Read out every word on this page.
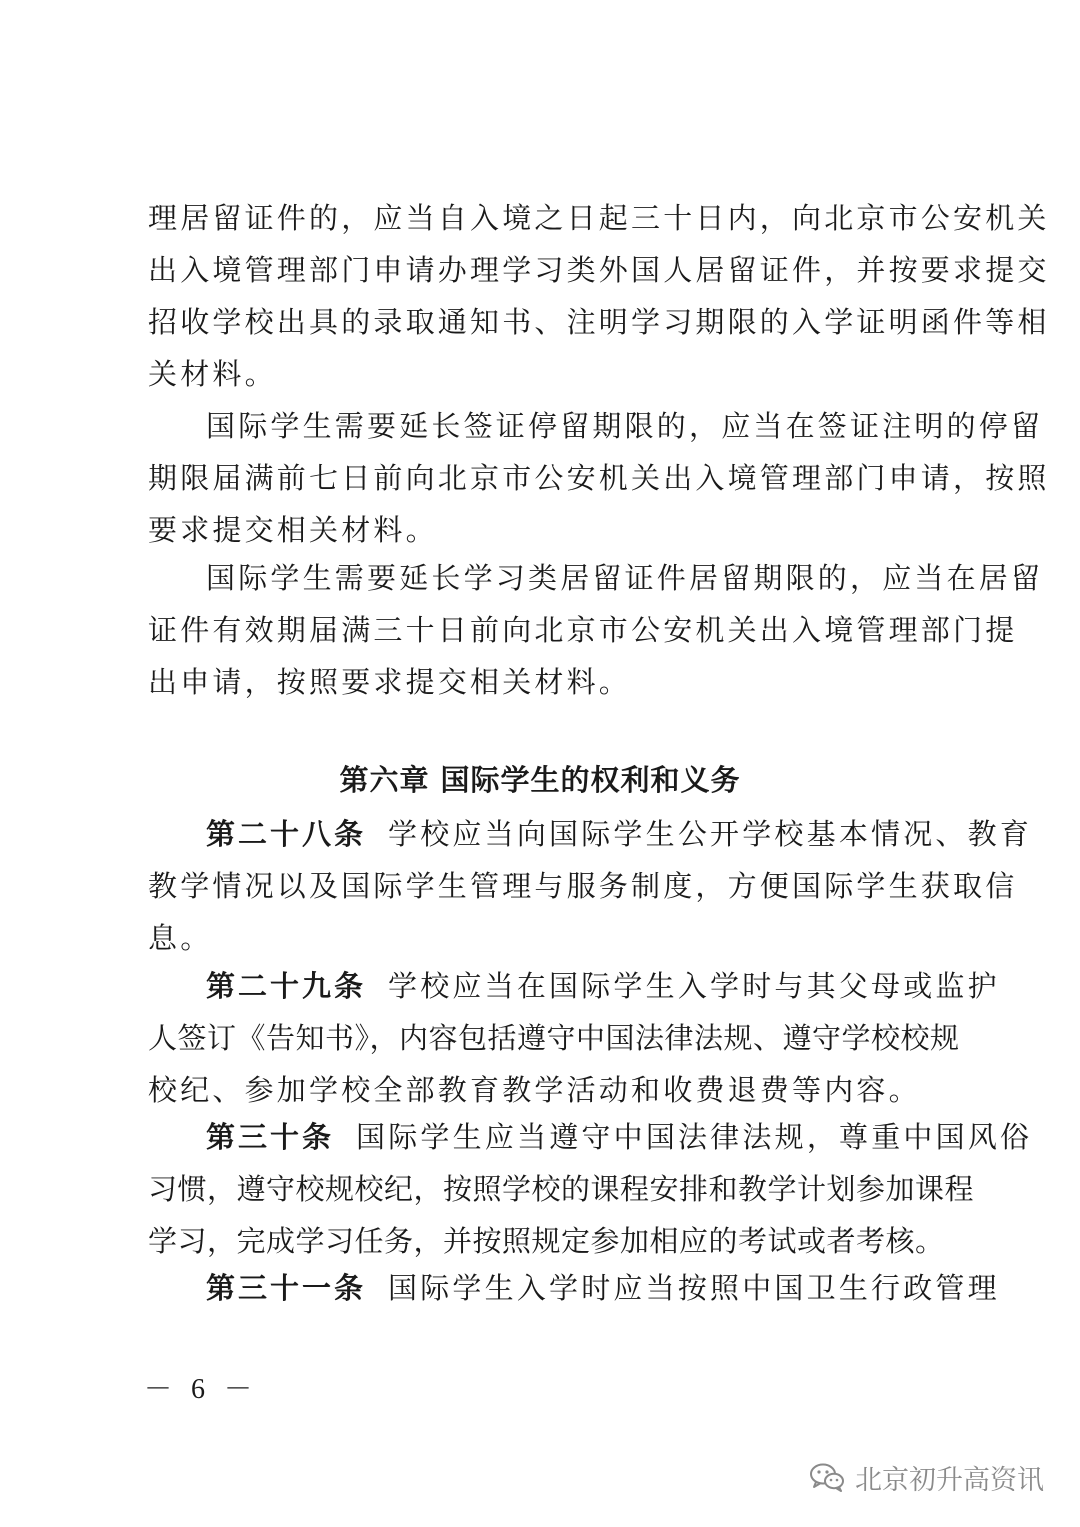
理居留证件的，应当自入境之日起三十日内，向北京市公安机关
出入境管理部门申请办理学习类外国人居留证件，并按要求提交
招收学校出具的录取通知书、注明学习期限的入学证明函件等相
关材料。
国际学生需要延长签证停留期限的，应当在签证注明的停留
期限届满前七日前向北京市公安机关出入境管理部门申请，按照
要求提交相关材料。
国际学生需要延长学习类居留证件居留期限的，应当在居留
证件有效期届满三十日前向北京市公安机关出入境管理部门提
出申请，按照要求提交相关材料。
第六章 国际学生的权利和义务
第二十八条 学校应当向国际学生公开学校基本情况、教育
教学情况以及国际学生管理与服务制度，方便国际学生获取信
息。
第二十九条 学校应当在国际学生入学时与其父母或监护
人签订《告知书》，内容包括遵守中国法律法规、遵守学校校规
校纪、参加学校全部教育教学活动和收费退费等内容。
第三十条 国际学生应当遵守中国法律法规，尊重中国风俗
习惯，遵守校规校纪，按照学校的课程安排和教学计划参加课程
学习，完成学习任务，并按照规定参加相应的考试或者考核。
第三十一条 国际学生入学时应当按照中国卫生行政管理
－ 6 －
北京初升高资讯
